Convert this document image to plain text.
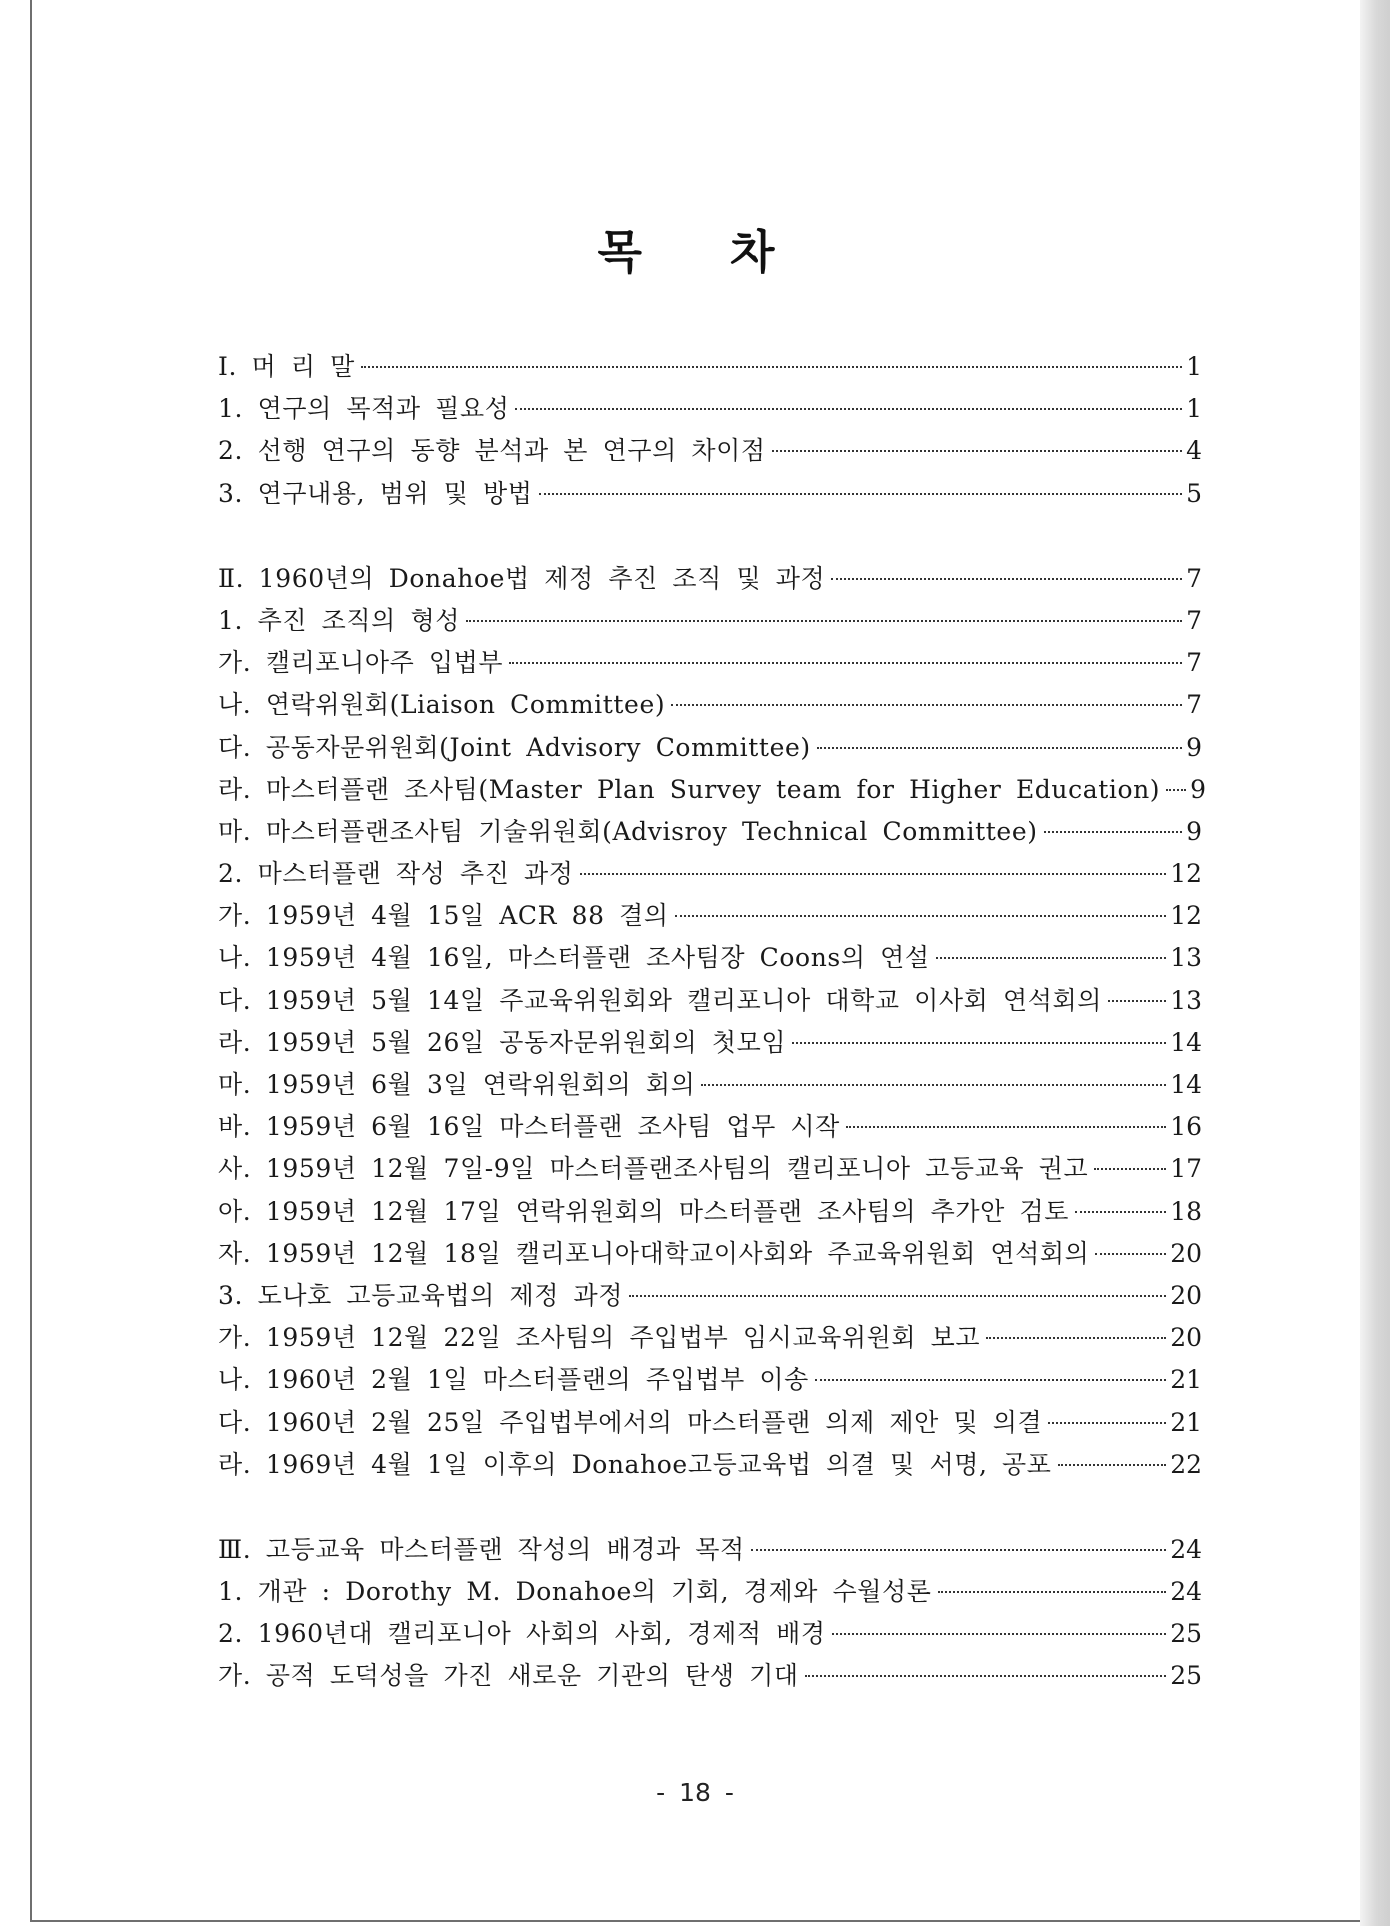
목 차
Ⅰ. 머 리 말	1
1. 연구의 목적과 필요성	1
2. 선행 연구의 동향 분석과 본 연구의 차이점	4
3. 연구내용, 범위 및 방법	5
Ⅱ. 1960년의 Donahoe법 제정 추진 조직 및 과정	7
1. 추진 조직의 형성	7
가. 캘리포니아주 입법부	7
나. 연락위원회(Liaison Committee)	7
다. 공동자문위원회(Joint Advisory Committee)	9
라. 마스터플랜 조사팀(Master Plan Survey team for Higher Education) 9
마. 마스터플랜조사팀 기술위원회(Advisroy Technical Committee)	9
2. 마스터플랜 작성 추진 과정	12
가. 1959년 4월 15일 ACR 88 결의	12
나. 1959년 4월 16일, 마스터플랜 조사팀장 Coons의 연설	13
다. 1959년 5월 14일 주교육위원회와 캘리포니아 대학교 이사회 연석회의	13
라. 1959년 5월 26일 공동자문위원회의 첫모임	14
마. 1959년 6월 3일 연락위원회의 회의	14
바. 1959년 6월 16일 마스터플랜 조사팀 업무 시작	16
사. 1959년 12월 7일-9일 마스터플랜조사팀의 캘리포니아 고등교육 권고	17
아. 1959년 12월 17일 연락위원회의 마스터플랜 조사팀의 추가안 검토	18
자. 1959년 12월 18일 캘리포니아대학교이사회와 주교육위원회 연석회의	20
3. 도나호 고등교육법의 제정 과정	20
가. 1959년 12월 22일 조사팀의 주입법부 임시교육위원회 보고	20
나. 1960년 2월 1일 마스터플랜의 주입법부 이송	21
다. 1960년 2월 25일 주입법부에서의 마스터플랜 의제 제안 및 의결	21
라. 1969년 4월 1일 이후의 Donahoe고등교육법 의결 및 서명, 공포	22
Ⅲ. 고등교육 마스터플랜 작성의 배경과 목적	24
1. 개관 : Dorothy M. Donahoe의 기회, 경제와 수월성론	24
2. 1960년대 캘리포니아 사회의 사회, 경제적 배경	25
가. 공적 도덕성을 가진 새로운 기관의 탄생 기대	25
- 18 -
